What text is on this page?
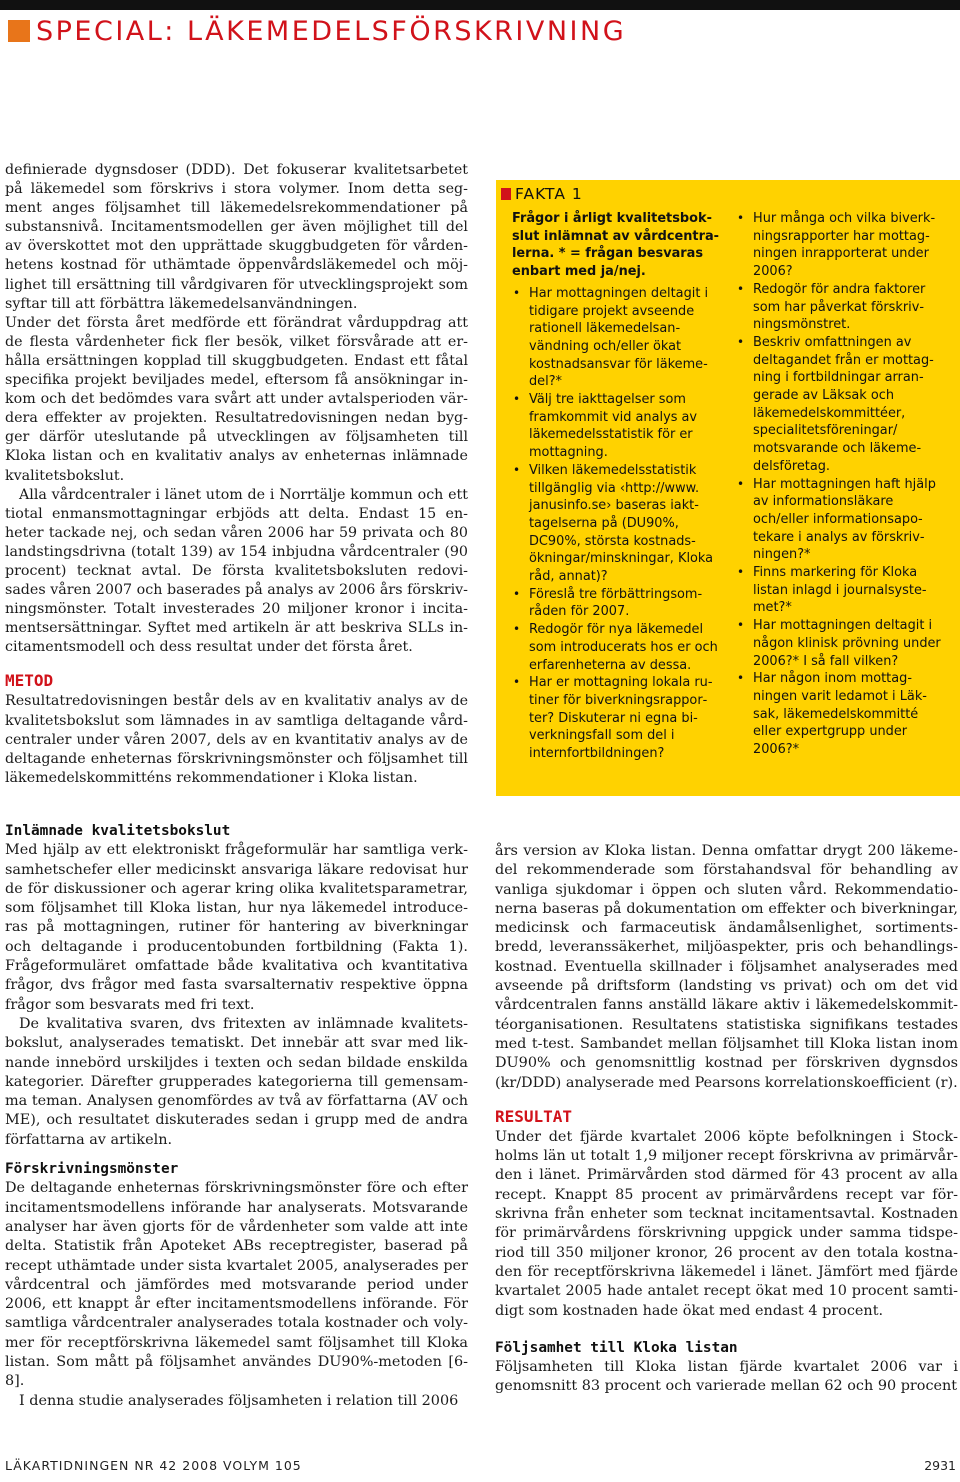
SPECIAL: LÄKEMEDELSFÖRSKRIVNING

definierade dygnsdoser (DDD). Det fokuserar kvalitetsarbetet på läkemedel som förskrivs i stora volymer. Inom detta segment anges följsamhet till läkemedelsrekommendationer på substansnivå. Incitamentsmodellen ger även möjlighet till del av överskottet mot den upprättade skuggbudgeten för vårdenhetens kostnad för uthämtade öppenvårdsläkemedel och möjlighet till ersättning till vårdgivaren för utvecklingsprojekt som syftar till att förbättra läkemedelsanvändningen.

Under det första året medförde ett förändrat vårduppdrag att de flesta vårdenheter fick fler besök, vilket försvårade att erhålla ersättningen kopplad till skuggbudgeten. Endast ett fåtal specifika projekt beviljades medel, eftersom få ansökningar inkom och det bedömdes vara svårt att under avtalsperioden värdera effekter av projekten. Resultatredovisningen nedan bygger därför uteslutande på utvecklingen av följsamheten till Kloka listan och en kvalitativ analys av enheternas inlämnade kvalitetsbokslut.

Alla vårdcentraler i länet utom de i Norrtälje kommun och ett tiotal enmansmottagningar erbjöds att delta. Endast 15 enheter tackade nej, och sedan våren 2006 har 59 privata och 80 landstingsdrivna (totalt 139) av 154 inbjudna vårdcentraler (90 procent) tecknat avtal. De första kvalitetsboksluten redovisades våren 2007 och baserades på analys av 2006 års förskrivningsmönster. Totalt investerades 20 miljoner kronor i incitamentsersättningar. Syftet med artikeln är att beskriva SLLs incitamentsmodell och dess resultat under det första året.

METOD

Resultatredovisningen består dels av en kvalitativ analys av de kvalitetsbokslut som lämnades in av samtliga deltagande vårdcentraler under våren 2007, dels av en kvantitativ analys av de deltagande enheternas förskrivningsmönster och följsamhet till läkemedelskommitténs rekommendationer i Kloka listan.

FAKTA 1
Frågor i årligt kvalitetsbokslut inlämnat av vårdcentralerna. * = frågan besvaras enbart med ja/nej.
• Har mottagningen deltagit i tidigare projekt avseende rationell läkemedelsanvändning och/eller ökat kostnadsansvar för läkemedel?*
• Välj tre iakttagelser som framkommit vid analys av läkemedelsstatistik för er mottagning.
• Vilken läkemedelsstatistik tillgänglig via ‹http://www. janusinfo.se› baseras iakttagelserna på (DU90%, DC90%, största kostnadsökningar/minskningar, Kloka råd, annat)?
• Föreslå tre förbättringsområden för 2007.
• Redogör för nya läkemedel som introducerats hos er och erfarenheterna av dessa.
• Har er mottagning lokala rutiner för biverkningsrapporter? Diskuterar ni egna biverkningsfall som del i internfortbildningen?
• Hur många och vilka biverkningsrapporter har mottagningen inrapporterat under 2006?
• Redogör för andra faktorer som har påverkat förskrivningsmönstret.
• Beskriv omfattningen av deltagandet från er mottagning i fortbildningar arrangerade av Läksak och läkemedelskommittéer, specialitetsföreningar/ motsvarande och läkemedelsföretag.
• Har mottagningen haft hjälp av informationsläkare och/eller informationsapotekare i analys av förskrivningen?*
• Finns markering för Kloka listan inlagd i journalsystemet?*
• Har mottagningen deltagit i någon klinisk prövning under 2006?* I så fall vilken?
• Har någon inom mottagningen varit ledamot i Läksak, läkemedelskommitté eller expertgrupp under 2006?*
Inlämnade kvalitetsbokslut

Med hjälp av ett elektroniskt frågeformulär har samtliga verksamhetschefer eller medicinskt ansvariga läkare redovisat hur de för diskussioner och agerar kring olika kvalitetsparametrar, som följsamhet till Kloka listan, hur nya läkemedel introduceras på mottagningen, rutiner för hantering av biverkningar och deltagande i producentobunden fortbildning (Fakta 1). Frågeformuläret omfattade både kvalitativa och kvantitativa frågor, dvs frågor med fasta svarsalternativ respektive öppna frågor som besvarats med fri text.

De kvalitativa svaren, dvs fritexten av inlämnade kvalitetsbokslut, analyserades tematiskt. Det innebär att svar med liknande innebörd urskiljdes i texten och sedan bildade enskilda kategorier. Därefter grupperades kategorierna till gemensamma teman. Analysen genomfördes av två av författarna (AV och ME), och resultatet diskuterades sedan i grupp med de andra författarna av artikeln.

Förskrivningsmönster

De deltagande enheternas förskrivningsmönster före och efter incitamentsmodellens införande har analyserats. Motsvarande analyser har även gjorts för de vårdenheter som valde att inte delta. Statistik från Apoteket ABs receptregister, baserad på recept uthämtade under sista kvartalet 2005, analyserades per vårdcentral och jämfördes med motsvarande period under 2006, ett knappt år efter incitamentsmodellens införande. För samtliga vårdcentraler analyserades totala kostnader och volymer för receptförskrivna läkemedel samt följsamhet till Kloka listan. Som mått på följsamhet användes DU90%-metoden [6-8].

I denna studie analyserades följsamheten i relation till 2006

års version av Kloka listan. Denna omfattar drygt 200 läkemedel rekommenderade som förstahandsval för behandling av vanliga sjukdomar i öppen och sluten vård. Rekommendationerna baseras på dokumentation om effekter och biverkningar, medicinsk och farmaceutisk ändamålsenlighet, sortimentsbredd, leveranssäkerhet, miljöaspekter, pris och behandlingskostnad. Eventuella skillnader i följsamhet analyserades med avseende på driftsform (landsting vs privat) och om det vid vårdcentralen fanns anställd läkare aktiv i läkemedelskommittéorganisationen. Resultatens statistiska signifikans testades med t-test. Sambandet mellan följsamhet till Kloka listan inom DU90% och genomsnittlig kostnad per förskriven dygnsdos (kr/DDD) analyserade med Pearsons korrelationskoefficient (r).

RESULTAT

Under det fjärde kvartalet 2006 köpte befolkningen i Stockholms län ut totalt 1,9 miljoner recept förskrivna av primärvården i länet. Primärvården stod därmed för 43 procent av alla recept. Knappt 85 procent av primärvårdens recept var förskrivna från enheter som tecknat incitamentsavtal. Kostnaden för primärvårdens förskrivning uppgick under samma tidsperiod till 350 miljoner kronor, 26 procent av den totala kostnaden för receptförskrivna läkemedel i länet. Jämfört med fjärde kvartalet 2005 hade antalet recept ökat med 10 procent samtidigt som kostnaden hade ökat med endast 4 procent.

Följsamhet till Kloka listan

Följsamheten till Kloka listan fjärde kvartalet 2006 var i genomsnitt 83 procent och varierade mellan 62 och 90 procent

LÄKARTIDNINGEN NR 42 2008 VOLYM 105	2931
